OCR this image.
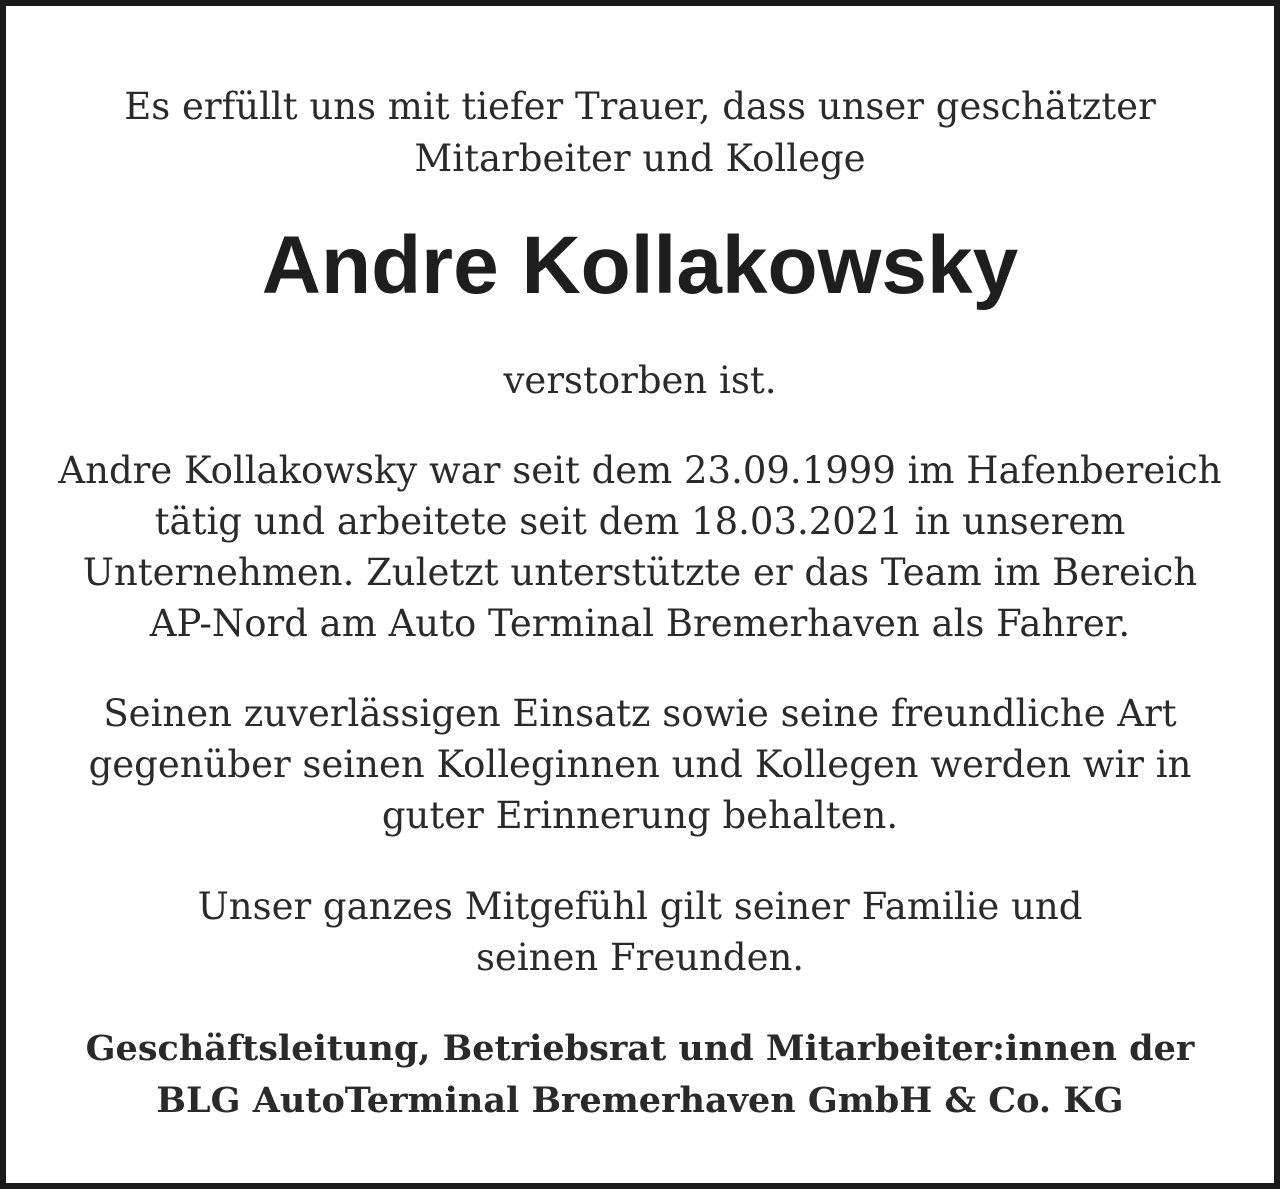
Es erfüllt uns mit tiefer Trauer, dass unser geschätzter

Mitarbeiter und Kollege

Andre Kollakowsky

verstorben ist.

Andre Kollakowsky war seit dem 23.09.1999 im Hafenbereich

tätig und arbeitete seit dem 18.03.2021 in unserem

Unternehmen. Zuletzt unterstützte er das Team im Bereich

AP-Nord am Auto Terminal Bremerhaven als Fahrer.

Seinen zuverlässigen Einsatz sowie seine freundliche Art

gegenüber seinen Kolleginnen und Kollegen werden wir in

guter Erinnerung behalten.

Unser ganzes Mitgefühl gilt seiner Familie und

seinen Freunden.

Geschäftsleitung, Betriebsrat und Mitarbeiter:innen der

BLG AutoTerminal Bremerhaven GmbH & Co. KG
